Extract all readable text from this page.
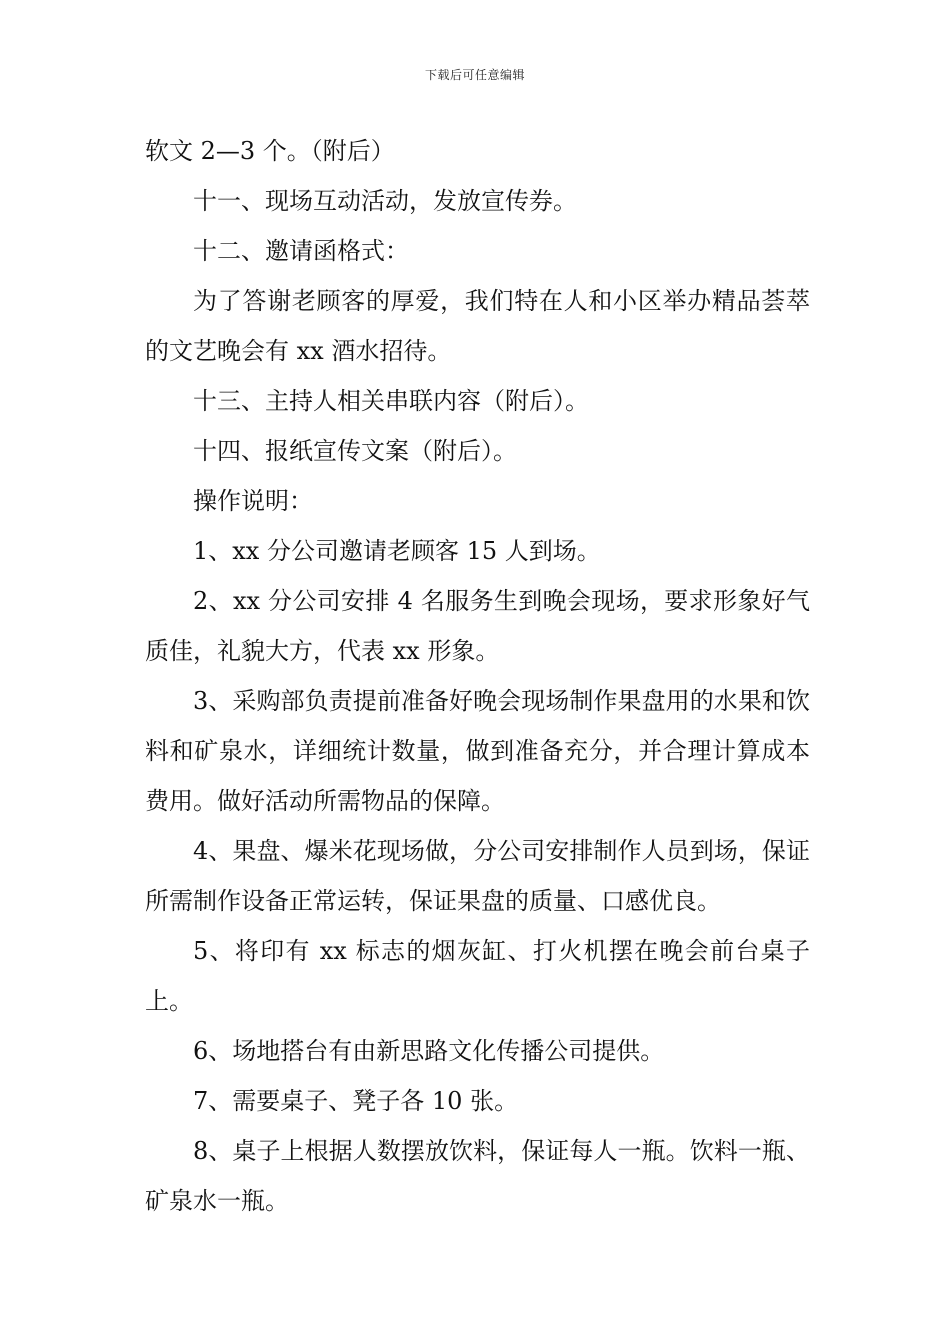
下载后可任意编辑

软文 2—3 个。（附后）

十一、现场互动活动，发放宣传券。

十二、邀请函格式：

为了答谢老顾客的厚爱，我们特在人和小区举办精品荟萃的文艺晚会有 xx 酒水招待。

十三、主持人相关串联内容（附后）。

十四、报纸宣传文案（附后）。

操作说明：

1、xx 分公司邀请老顾客 15 人到场。

2、xx 分公司安排 4 名服务生到晚会现场，要求形象好气质佳，礼貌大方，代表 xx 形象。

3、采购部负责提前准备好晚会现场制作果盘用的水果和饮料和矿泉水，详细统计数量，做到准备充分，并合理计算成本费用。做好活动所需物品的保障。

4、果盘、爆米花现场做，分公司安排制作人员到场，保证所需制作设备正常运转，保证果盘的质量、口感优良。

5、将印有 xx 标志的烟灰缸、打火机摆在晚会前台桌子上。

6、场地搭台有由新思路文化传播公司提供。

7、需要桌子、凳子各 10 张。

8、桌子上根据人数摆放饮料，保证每人一瓶。饮料一瓶、矿泉水一瓶。
